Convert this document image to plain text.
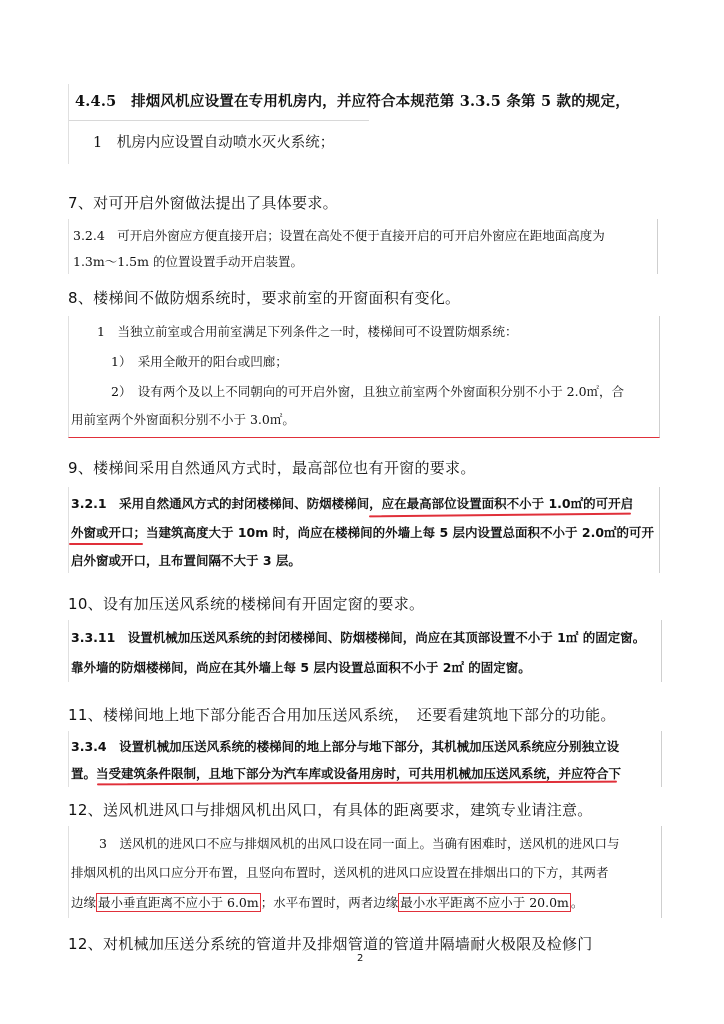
4.4.5　排烟风机应设置在专用机房内，并应符合本规范第 3.3.5 条第 5 款的规定，
1　机房内应设置自动喷水灭火系统；
7、对可开启外窗做法提出了具体要求。
3.2.4　可开启外窗应方便直接开启；设置在高处不便于直接开启的可开启外窗应在距地面高度为
1.3m～1.5m 的位置设置手动开启装置。
8、楼梯间不做防烟系统时，要求前室的开窗面积有变化。
1　当独立前室或合用前室满足下列条件之一时，楼梯间可不设置防烟系统：
1）　采用全敞开的阳台或凹廊；
2）　设有两个及以上不同朝向的可开启外窗，且独立前室两个外窗面积分别不小于 2.0㎡，合
用前室两个外窗面积分别不小于 3.0㎡。
9、楼梯间采用自然通风方式时，最高部位也有开窗的要求。
3.2.1　采用自然通风方式的封闭楼梯间、防烟楼梯间，应在最高部位设置面积不小于 1.0㎡的可开启
外窗或开口；当建筑高度大于 10m 时，尚应在楼梯间的外墙上每 5 层内设置总面积不小于 2.0㎡的可开
启外窗或开口，且布置间隔不大于 3 层。
10、设有加压送风系统的楼梯间有开固定窗的要求。
3.3.11　设置机械加压送风系统的封闭楼梯间、防烟楼梯间，尚应在其顶部设置不小于 1㎡ 的固定窗。
靠外墙的防烟楼梯间，尚应在其外墙上每 5 层内设置总面积不小于 2㎡ 的固定窗。
11、楼梯间地上地下部分能否合用加压送风系统，　还要看建筑地下部分的功能。
3.3.4　设置机械加压送风系统的楼梯间的地上部分与地下部分，其机械加压送风系统应分别独立设
置。当受建筑条件限制，且地下部分为汽车库或设备用房时，可共用机械加压送风系统，并应符合下
12、送风机进风口与排烟风机出风口，有具体的距离要求，建筑专业请注意。
3　送风机的进风口不应与排烟风机的出风口设在同一面上。当确有困难时，送风机的进风口与
排烟风机的出风口应分开布置，且竖向布置时，送风机的进风口应设置在排烟出口的下方，其两者
边缘 最小垂直距离不应小于 6.0m ；水平布置时，两者边缘 最小水平距离不应小于 20.0m 。
12、对机械加压送分系统的管道井及排烟管道的管道井隔墙耐火极限及检修门
2
